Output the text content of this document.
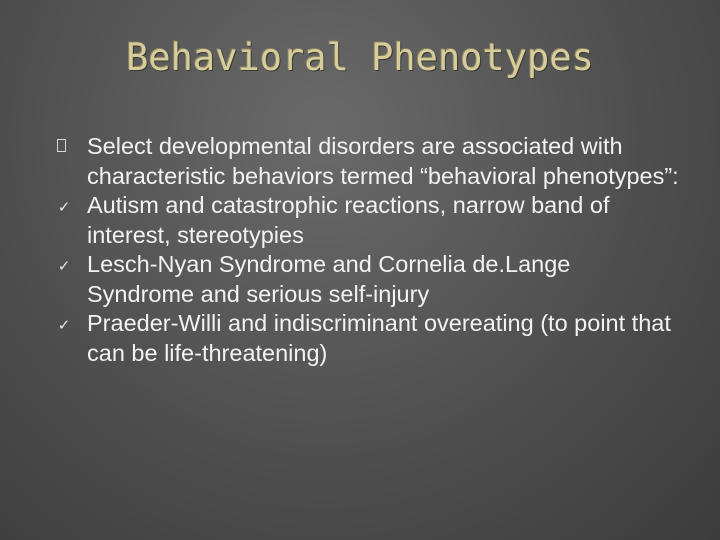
Behavioral Phenotypes
Select developmental disorders are associated with characteristic behaviors termed “behavioral phenotypes”:
✓ Autism and catastrophic reactions, narrow band of interest, stereotypies
✓ Lesch-Nyan Syndrome and Cornelia de.Lange Syndrome and serious self-injury
✓ Praeder-Willi and indiscriminant overeating (to point that can be life-threatening)
